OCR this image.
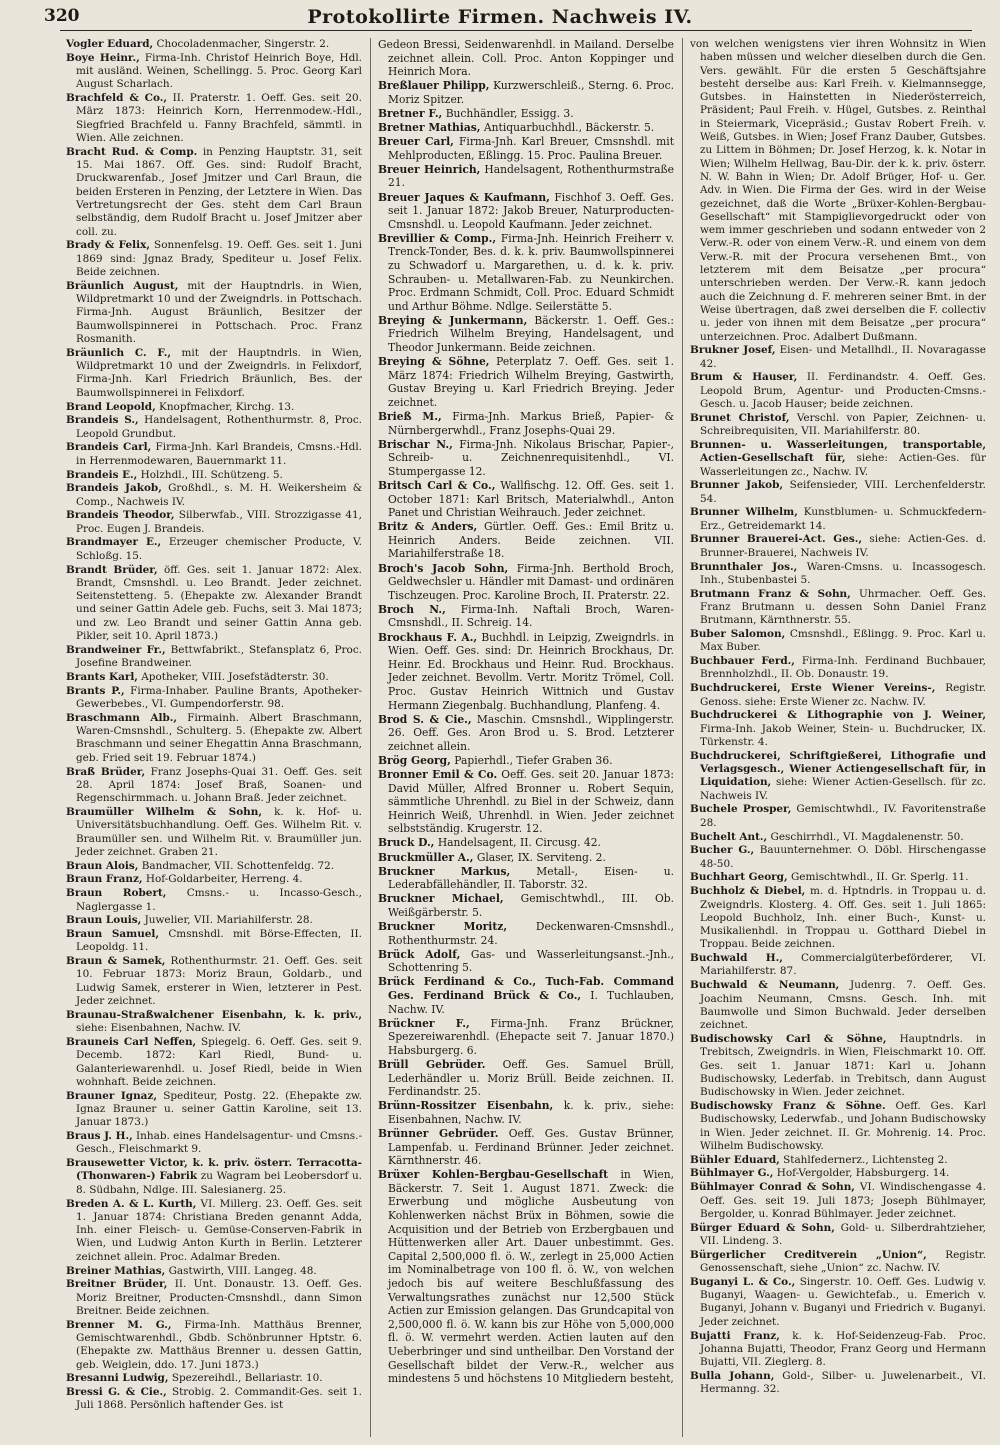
320	Protokollirte Firmen. Nachweis IV.

Vogler Eduard, Chocoladenmacher, Singerstr. 2.

Boye Heinr., Firma-Inh. Christof Heinrich Boye, Hdl. mit ausländ. Weinen, Schellingg. 5. Proc. Georg Karl August Scharlach.

Brachfeld & Co., II. Praterstr. 1. Oeff. Ges. seit 20. März 1873: Heinrich Korn, Herrenmodew.-Hdl., Siegfried Brachfeld u. Fanny Brachfeld, sämmtl. in Wien. Alle zeichnen.

Bracht Rud. & Comp. in Penzing Hauptstr. 31, seit 15. Mai 1867. Off. Ges. sind: Rudolf Bracht, Druckwarenfab., Josef Jmitzer und Carl Braun, die beiden Ersteren in Penzing, der Letztere in Wien. Das Vertretungsrecht der Ges. steht dem Carl Braun selbständig, dem Rudolf Bracht u. Josef Jmitzer aber coll. zu.

Brady & Felix, Sonnenfelsg. 19. Oeff. Ges. seit 1. Juni 1869 sind: Jgnaz Brady, Spediteur u. Josef Felix. Beide zeichnen.

Bräunlich August, mit der Hauptndrls. in Wien, Wildpretmarkt 10 und der Zweigndrls. in Pottschach. Firma-Jnh. August Bräunlich, Besitzer der Baumwollspinnerei in Pottschach. Proc. Franz Rosmanith.

Bräunlich C. F., mit der Hauptndrls. in Wien, Wildpretmarkt 10 und der Zweigndrls. in Felixdorf, Firma-Jnh. Karl Friedrich Bräunlich, Bes. der Baumwollspinnerei in Felixdorf.

Brand Leopold, Knopfmacher, Kirchg. 13.

Brandeis S., Handelsagent, Rothenthurmstr. 8, Proc. Leopold Grundbut.

Brandeis Carl, Firma-Jnh. Karl Brandeis, Cmsns.-Hdl. in Herrenmodewaren, Bauernmarkt 11.

Brandeis E., Holzhdl., III. Schützeng. 5.

Brandeis Jakob, Großhdl., s. M. H. Weikersheim & Comp., Nachweis IV.

Brandeis Theodor, Silberwfab., VIII. Strozzigasse 41, Proc. Eugen J. Brandeis.

Brandmayer E., Erzeuger chemischer Producte, V. Schloßg. 15.

Brandt Brüder, öff. Ges. seit 1. Januar 1872: Alex. Brandt, Cmsnshdl. u. Leo Brandt. Jeder zeichnet. Seitenstetteng. 5. (Ehepakte zw. Alexander Brandt und seiner Gattin Adele geb. Fuchs, seit 3. Mai 1873; und zw. Leo Brandt und seiner Gattin Anna geb. Pikler, seit 10. April 1873.)

Brandweiner Fr., Bettwfabrikt., Stefansplatz 6, Proc. Josefine Brandweiner.

Brants Karl, Apotheker, VIII. Josefstädterstr. 30.

Brants P., Firma-Inhaber. Pauline Brants, Apotheker-Gewerbebes., VI. Gumpendorferstr. 98.

Braschmann Alb., Firmainh. Albert Braschmann, Waren-Cmsnshdl., Schulterg. 5. (Ehepakte zw. Albert Braschmann und seiner Ehegattin Anna Braschmann, geb. Fried seit 19. Februar 1874.)

Braß Brüder, Franz Josephs-Quai 31. Oeff. Ges. seit 28. April 1874: Josef Braß, Soanen- und Regenschirmmach. u. Johann Braß. Jeder zeichnet.

Braumüller Wilhelm & Sohn, k. k. Hof- u. Universitätsbuchhandlung. Oeff. Ges. Wilhelm Rit. v. Braumüller sen. und Wilhelm Rit. v. Braumüller jun. Jeder zeichnet. Graben 21.

Braun Alois, Bandmacher, VII. Schottenfeldg. 72.

Braun Franz, Hof-Goldarbeiter, Herreng. 4.

Braun Robert, Cmsns.- u. Incasso-Gesch., Naglergasse 1.

Braun Louis, Juwelier, VII. Mariahilferstr. 28.

Braun Samuel, Cmsnshdl. mit Börse-Effecten, II. Leopoldg. 11.

Braun & Samek, Rothenthurmstr. 21. Oeff. Ges. seit 10. Februar 1873: Moriz Braun, Goldarb., und Ludwig Samek, ersterer in Wien, letzterer in Pest. Jeder zeichnet.

Braunau-Straßwalchener Eisenbahn, k. k. priv., siehe: Eisenbahnen, Nachw. IV.

Brauneis Carl Neffen, Spiegelg. 6. Oeff. Ges. seit 9. Decemb. 1872: Karl Riedl, Bund- u. Galanteriewarenhdl. u. Josef Riedl, beide in Wien wohnhaft. Beide zeichnen.

Brauner Ignaz, Spediteur, Postg. 22. (Ehepakte zw. Ignaz Brauner u. seiner Gattin Karoline, seit 13. Januar 1873.)

Braus J. H., Inhab. eines Handelsagentur- und Cmsns.-Gesch., Fleischmarkt 9.

Brausewetter Victor, k. k. priv. österr. Terracotta- (Thonwaren-) Fabrik zu Wagram bei Leobersdorf u. 8. Südbahn, Ndlge. III. Salesianerg. 25.

Breden A. & L. Kurth, VI. Millerg. 23. Oeff. Ges. seit 1. Januar 1874: Christiana Breden genannt Adda, Inh. einer Fleisch- u. Gemüse-Conserven-Fabrik in Wien, und Ludwig Anton Kurth in Berlin. Letzterer zeichnet allein. Proc. Adalmar Breden.

Breiner Mathias, Gastwirth, VIII. Langeg. 48.

Breitner Brüder, II. Unt. Donaustr. 13. Oeff. Ges. Moriz Breitner, Producten-Cmsnshdl., dann Simon Breitner. Beide zeichnen.

Brenner M. G., Firma-Inh. Matthäus Brenner, Gemischtwarenhdl., Gbdb. Schönbrunner Hptstr. 6. (Ehepakte zw. Matthäus Brenner u. dessen Gattin, geb. Weiglein, ddo. 17. Juni 1873.)

Bresanni Ludwig, Spezereihdl., Bellariastr. 10.

Bressi G. & Cie., Strobig. 2. Commandit-Ges. seit 1. Juli 1868. Persönlich haftender Ges. ist

Gedeon Bressi, Seidenwarenhdl. in Mailand. Derselbe zeichnet allein. Coll. Proc. Anton Koppinger und Heinrich Mora.

Breßlauer Philipp, Kurzwerschleiß., Sterng. 6. Proc. Moriz Spitzer.

Bretner F., Buchhändler, Essigg. 3.

Bretner Mathias, Antiquarbuchhdl., Bäckerstr. 5.

Breuer Carl, Firma-Jnh. Karl Breuer, Cmsnshdl. mit Mehlproducten, Eßlingg. 15. Proc. Paulina Breuer.

Breuer Heinrich, Handelsagent, Rothenthurmstraße 21.

Breuer Jaques & Kaufmann, Fischhof 3. Oeff. Ges. seit 1. Januar 1872: Jakob Breuer, Naturproducten-Cmsnshdl. u. Leopold Kaufmann. Jeder zeichnet.

Brevillier & Comp., Firma-Jnh. Heinrich Freiherr v. Trenck-Tonder, Bes. d. k. k. priv. Baumwollspinnerei zu Schwadorf u. Margarethen, u. d. k. k. priv. Schrauben- u. Metallwaren-Fab. zu Neunkirchen. Proc. Erdmann Schmidt, Coll. Proc. Eduard Schmidt und Arthur Böhme. Ndlge. Seilerstätte 5.

Breying & Junkermann, Bäckerstr. 1. Oeff. Ges.: Friedrich Wilhelm Breying, Handelsagent, und Theodor Junkermann. Beide zeichnen.

Breying & Söhne, Peterplatz 7. Oeff. Ges. seit 1. März 1874: Friedrich Wilhelm Breying, Gastwirth, Gustav Breying u. Karl Friedrich Breying. Jeder zeichnet.

Brieß M., Firma-Jnh. Markus Brieß, Papier- & Nürnbergerwhdl., Franz Josephs-Quai 29.

Brischar N., Firma-Jnh. Nikolaus Brischar, Papier-, Schreib- u. Zeichnenrequisitenhdl., VI. Stumpergasse 12.

Britsch Carl & Co., Wallfischg. 12. Off. Ges. seit 1. October 1871: Karl Britsch, Materialwhdl., Anton Panet und Christian Weihrauch. Jeder zeichnet.

Britz & Anders, Gürtler. Oeff. Ges.: Emil Britz u. Heinrich Anders. Beide zeichnen. VII. Mariahilferstraße 18.

Broch's Jacob Sohn, Firma-Jnh. Berthold Broch, Geldwechsler u. Händler mit Damast- und ordinären Tischzeugen. Proc. Karoline Broch, II. Praterstr. 22.

Broch N., Firma-Inh. Naftali Broch, Waren-Cmsnshdl., II. Schreig. 14.

Brockhaus F. A., Buchhdl. in Leipzig, Zweigndrls. in Wien. Oeff. Ges. sind: Dr. Heinrich Brockhaus, Dr. Heinr. Ed. Brockhaus und Heinr. Rud. Brockhaus. Jeder zeichnet. Bevollm. Vertr. Moritz Trömel, Coll. Proc. Gustav Heinrich Wittnich und Gustav Hermann Ziegenbalg. Buchhandlung, Planfeng. 4.

Brod S. & Cie., Maschin. Cmsnshdl., Wipplingerstr. 26. Oeff. Ges. Aron Brod u. S. Brod. Letzterer zeichnet allein.

Brög Georg, Papierhdl., Tiefer Graben 36.

Bronner Emil & Co. Oeff. Ges. seit 20. Januar 1873: David Müller, Alfred Bronner u. Robert Sequin, sämmtliche Uhrenhdl. zu Biel in der Schweiz, dann Heinrich Weiß, Uhrenhdl. in Wien. Jeder zeichnet selbstständig. Krugerstr. 12.

Bruck D., Handelsagent, II. Circusg. 42.

Bruckmüller A., Glaser, IX. Serviteng. 2.

Bruckner Markus, Metall-, Eisen- u. Lederabfällehändler, II. Taborstr. 32.

Bruckner Michael, Gemischtwhdl., III. Ob. Weißgärberstr. 5.

Bruckner Moritz,	Deckenwaren-Cmsnshdl., Rothenthurmstr. 24.

Brück Adolf, Gas- und Wasserleitungsanst.-Jnh., Schottenring 5.

Brück Ferdinand & Co., Tuch-Fab. Command Ges. Ferdinand Brück & Co., I. Tuchlauben, Nachw. IV.

Brückner F., Firma-Jnh. Franz Brückner, Spezereiwarenhdl. (Ehepacte seit 7. Januar 1870.) Habsburgerg. 6.

Brüll Gebrüder. Oeff. Ges. Samuel Brüll, Lederhändler u. Moriz Brüll. Beide zeichnen. II. Ferdinandstr. 25.

Brünn-Rossitzer Eisenbahn, k. k. priv., siehe: Eisenbahnen, Nachw. IV.

Brünner Gebrüder. Oeff. Ges. Gustav Brünner, Lampenfab. u. Ferdinand Brünner. Jeder zeichnet. Kärnthnerstr. 46.

Brüxer Kohlen-Bergbau-Gesellschaft in Wien, Bäckerstr. 7. Seit 1. August 1871. Zweck: die Erwerbung und mögliche Ausbeutung von Kohlenwerken nächst Brüx in Böhmen, sowie die Acquisition und der Betrieb von Erzbergbauen und Hüttenwerken aller Art. Dauer unbestimmt. Ges. Capital 2,500,000 fl. ö. W., zerlegt in 25,000 Actien im Nominalbetrage von 100 fl. ö. W., von welchen jedoch bis auf weitere Beschlußfassung des Verwaltungsrathes zunächst nur 12,500 Stück Actien zur Emission gelangen. Das Grundcapital von 2,500,000 fl. ö. W. kann bis zur Höhe von 5,000,000 fl. ö. W. vermehrt werden. Actien lauten auf den Ueberbringer und sind untheilbar. Den Vorstand der Gesellschaft bildet der Verw.-R., welcher aus mindestens 5 und höchstens 10 Mitgliedern besteht,

von welchen wenigstens vier ihren Wohnsitz in Wien haben müssen und welcher dieselben durch die Gen. Vers. gewählt. Für die ersten 5 Geschäftsjahre besteht derselbe aus: Karl Freih. v. Kielmannsegge, Gutsbes. in Hainstetten in Niederösterreich, Präsident; Paul Freih. v. Hügel, Gutsbes. z. Reinthal in Steiermark, Vicepräsid.; Gustav Robert Freih. v. Weiß, Gutsbes. in Wien; Josef Franz Dauber, Gutsbes. zu Littem in Böhmen; Dr. Josef Herzog, k. k. Notar in Wien; Wilhelm Hellwag, Bau-Dir. der k. k. priv. österr. N. W. Bahn in Wien; Dr. Adolf Brüger, Hof- u. Ger. Adv. in Wien. Die Firma der Ges. wird in der Weise gezeichnet, daß die Worte „Brüxer-Kohlen-Bergbau-Gesellschaft“ mit Stampiglievorgedruckt oder von wem immer geschrieben und sodann entweder von 2 Verw.-R. oder von einem Verw.-R. und einem von dem Verw.-R. mit der Procura versehenen Bmt., von letzterem mit dem Beisatze „per procura“ unterschrieben werden. Der Verw.-R. kann jedoch auch die Zeichnung d. F. mehreren seiner Bmt. in der Weise übertragen, daß zwei derselben die F. collectiv u. jeder von ihnen mit dem Beisatze „per procura“ unterzeichnen. Proc. Adalbert Dußmann.

Brukner Josef, Eisen- und Metallhdl., II. Novaragasse 42.

Brum & Hauser, II. Ferdinandstr. 4. Oeff. Ges. Leopold Brum, Agentur- und Producten-Cmsns.-Gesch. u. Jacob Hauser; beide zeichnen.

Brunet Christof, Verschl. von Papier, Zeichnen- u. Schreibrequisiten, VII. Mariahilferstr. 80.

Brunnen- u. Wasserleitungen, transportable, Actien-Gesellschaft für, siehe: Actien-Ges. für Wasserleitungen zc., Nachw. IV.

Brunner Jakob, Seifensieder, VIII. Lerchenfelderstr. 54.

Brunner Wilhelm, Kunstblumen- u. Schmuckfedern-Erz., Getreidemarkt 14.

Brunner Brauerei-Act. Ges., siehe: Actien-Ges. d. Brunner-Brauerei, Nachweis IV.

Brunnthaler Jos., Waren-Cmsns. u. Incassogesch. Inh., Stubenbastei 5.

Brutmann Franz & Sohn, Uhrmacher. Oeff. Ges. Franz Brutmann u. dessen Sohn Daniel Franz Brutmann, Kärnthnerstr. 55.

Buber Salomon, Cmsnshdl., Eßlingg. 9. Proc. Karl u. Max Buber.

Buchbauer Ferd., Firma-Inh. Ferdinand Buchbauer, Brennholzhdl., II. Ob. Donaustr. 19.

Buchdruckerei, Erste Wiener Vereins-, Registr. Genoss. siehe: Erste Wiener zc. Nachw. IV.

Buchdruckerei & Lithographie von J. Weiner, Firma-Inh. Jakob Weiner, Stein- u. Buchdrucker, IX. Türkenstr. 4.

Buchdruckerei, Schriftgießerei, Lithografie und Verlagsgesch., Wiener Actiengesellschaft für, in Liquidation, siehe: Wiener Actien-Gesellsch. für zc. Nachweis IV.

Buchele Prosper, Gemischtwhdl., IV. Favoritenstraße 28.

Buchelt Ant., Geschirrhdl., VI. Magdalenenstr. 50.

Bucher G., Bauunternehmer. O. Döbl. Hirschengasse 48-50.

Buchhart Georg, Gemischtwhdl., II. Gr. Sperlg. 11.

Buchholz & Diebel, m. d. Hptndrls. in Troppau u. d. Zweigndrls. Klosterg. 4. Off. Ges. seit 1. Juli 1865: Leopold Buchholz, Inh. einer Buch-, Kunst- u. Musikalienhdl. in Troppau u. Gotthard Diebel in Troppau. Beide zeichnen.

Buchwald H., Commercialgüterbeförderer, VI. Mariahilferstr. 87.

Buchwald & Neumann, Judenrg. 7. Oeff. Ges. Joachim Neumann, Cmsns. Gesch. Inh. mit Baumwolle und Simon Buchwald. Jeder derselben zeichnet.

Budischowsky Carl & Söhne, Hauptndrls. in Trebitsch, Zweigndrls. in Wien, Fleischmarkt 10. Off. Ges. seit 1. Januar 1871: Karl u. Johann Budischowsky, Lederfab. in Trebitsch, dann August Budischowsky in Wien. Jeder zeichnet.

Budischowsky Franz & Söhne. Oeff. Ges. Karl Budischowsky, Lederwfab., und Johann Budischowsky in Wien. Jeder zeichnet. II. Gr. Mohrenig. 14. Proc. Wilhelm Budischowsky.

Bühler Eduard, Stahlfedernerz., Lichtensteg 2.

Bühlmayer G., Hof-Vergolder, Habsburgerg. 14.

Bühlmayer Conrad & Sohn, VI. Windischengasse 4. Oeff. Ges. seit 19. Juli 1873; Joseph Bühlmayer, Bergolder, u. Konrad Bühlmayer. Jeder zeichnet.

Bürger Eduard & Sohn, Gold- u. Silberdrahtzieher, VII. Lindeng. 3.

Bürgerlicher Creditverein „Union“, Registr. Genossenschaft, siehe „Union“ zc. Nachw. IV.

Buganyi L. & Co., Singerstr. 10. Oeff. Ges. Ludwig v. Buganyi, Waagen- u. Gewichtefab., u. Emerich v. Buganyi, Johann v. Buganyi und Friedrich v. Buganyi. Jeder zeichnet.

Bujatti Franz, k. k. Hof-Seidenzeug-Fab. Proc. Johanna Bujatti, Theodor, Franz Georg und Hermann Bujatti, VII. Zieglerg. 8.

Bulla Johann, Gold-, Silber- u. Juwelenarbeit., VI. Hermanng. 32.
